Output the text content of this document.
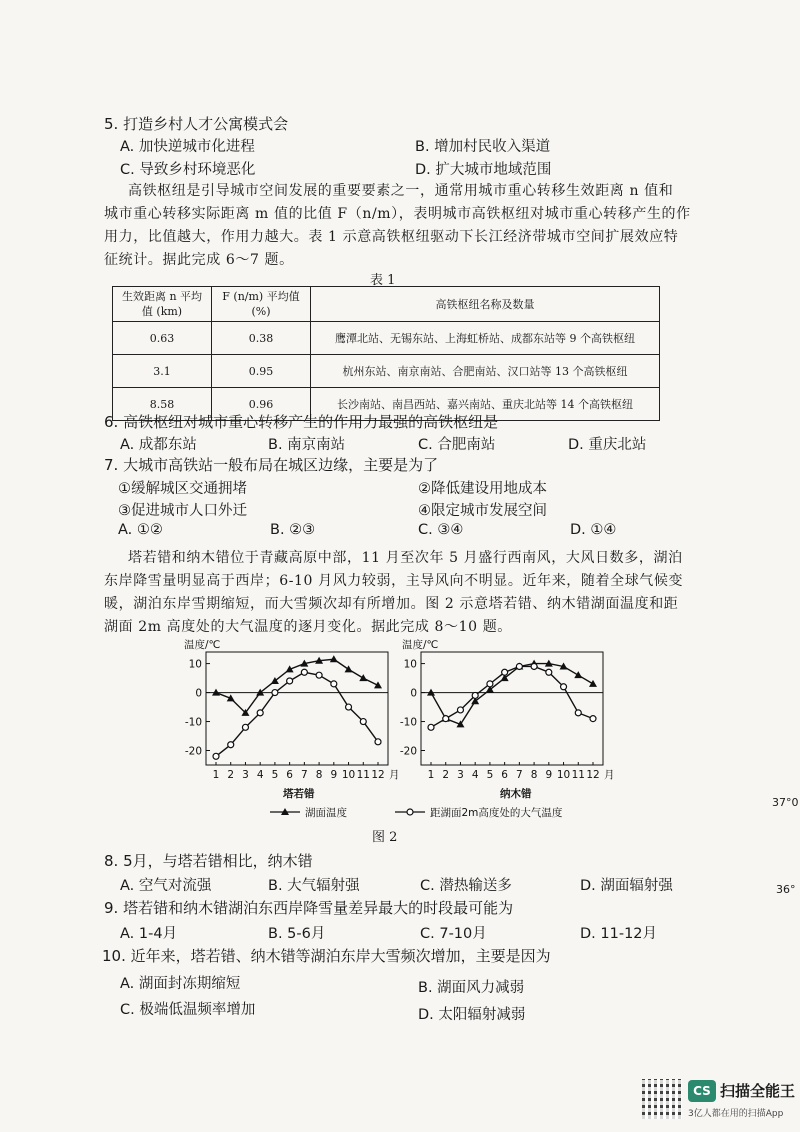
5. 打造乡村人才公寓模式会
A. 加快逆城市化进程	B. 增加村民收入渠道
C. 导致乡村环境恶化	D. 扩大城市地域范围
高铁枢纽是引导城市空间发展的重要要素之一，通常用城市重心转移生效距离 n 值和
城市重心转移实际距离 m 值的比值 F（n/m），表明城市高铁枢纽对城市重心转移产生的作
用力，比值越大，作用力越大。表 1 示意高铁枢纽驱动下长江经济带城市空间扩展效应特
征统计。据此完成 6～7 题。
表 1
生效距离 n 平均值 (km)	F (n/m) 平均值 (%)	高铁枢纽名称及数量
0.63	0.38	鹰潭北站、无锡东站、上海虹桥站、成都东站等 9 个高铁枢纽
3.1	0.95	杭州东站、南京南站、合肥南站、汉口站等 13 个高铁枢纽
8.58	0.96	长沙南站、南昌西站、嘉兴南站、重庆北站等 14 个高铁枢纽
6. 高铁枢纽对城市重心转移产生的作用力最强的高铁枢纽是
A. 成都东站	B. 南京南站	C. 合肥南站	D. 重庆北站
7. 大城市高铁站一般布局在城区边缘，主要是为了
①缓解城区交通拥堵	②降低建设用地成本
③促进城市人口外迁	④限定城市发展空间
A. ①②	B. ②③	C. ③④	D. ①④
塔若错和纳木错位于青藏高原中部，11 月至次年 5 月盛行西南风，大风日数多，湖泊
东岸降雪量明显高于西岸；6-10 月风力较弱，主导风向不明显。近年来，随着全球气候变
暖，湖泊东岸雪期缩短，而大雪频次却有所增加。图 2 示意塔若错、纳木错湖面温度和距
湖面 2m 高度处的大气温度的逐月变化。据此完成 8～10 题。
温度/℃
塔若错
10
0
-10
-20
1 2 3 4 5 6 7 8 9 10 11 12 月
温度/℃
纳木错
10
0
-10
-20
1 2 3 4 5 6 7 8 9 10 11 12 月
湖面温度	距湖面2m高度处的大气温度
图 2
8. 5月，与塔若错相比，纳木错
A. 空气对流强	B. 大气辐射强	C. 潜热输送多	D. 湖面辐射强
9. 塔若错和纳木错湖泊东西岸降雪量差异最大的时段最可能为
A. 1-4月	B. 5-6月	C. 7-10月	D. 11-12月
10. 近年来，塔若错、纳木错等湖泊东岸大雪频次增加，主要是因为
A. 湖面封冻期缩短	B. 湖面风力减弱
C. 极端低温频率增加	D. 太阳辐射减弱
37°0
36°
CS 扫描全能王
3亿人都在用的扫描App
